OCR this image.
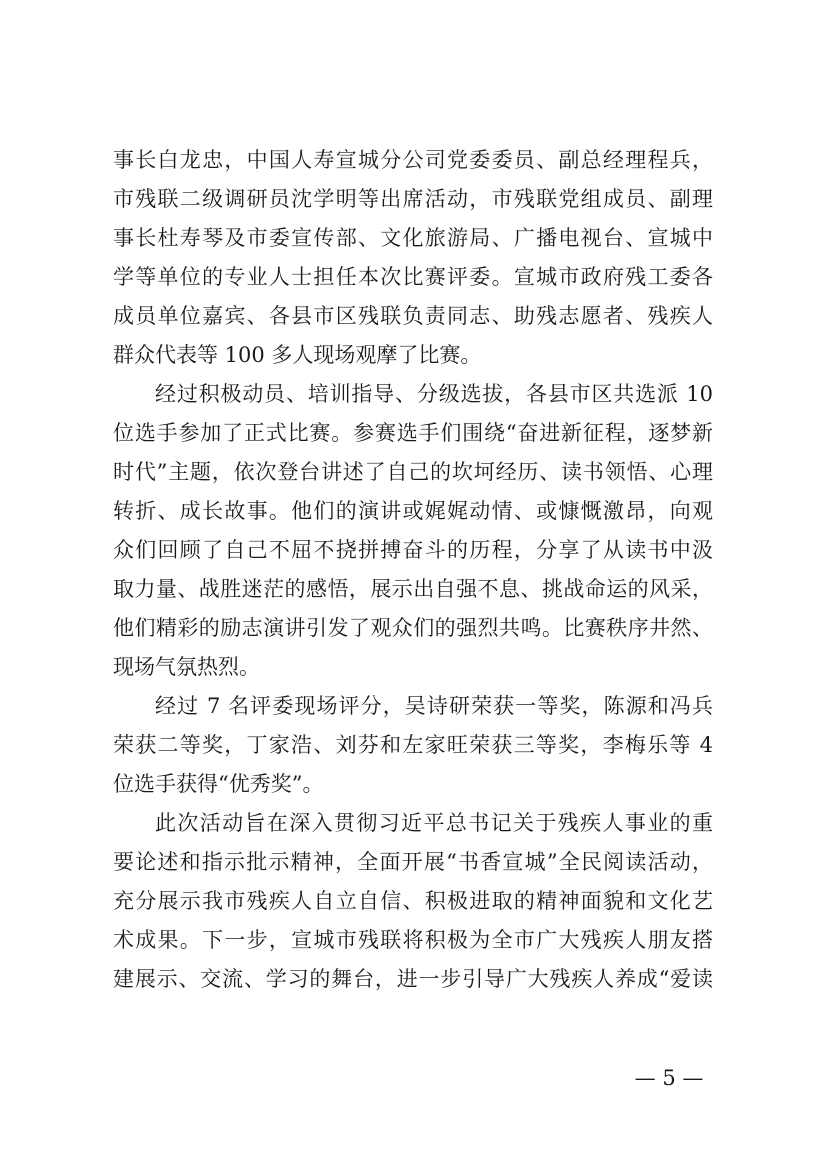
事长白龙忠，中国人寿宣城分公司党委委员、副总经理程兵，
市残联二级调研员沈学明等出席活动，市残联党组成员、副理
事长杜寿琴及市委宣传部、文化旅游局、广播电视台、宣城中
学等单位的专业人士担任本次比赛评委。宣城市政府残工委各
成员单位嘉宾、各县市区残联负责同志、助残志愿者、残疾人
群众代表等 100 多人现场观摩了比赛。
经过积极动员、培训指导、分级选拔，各县市区共选派 10
位选手参加了正式比赛。参赛选手们围绕“奋进新征程，逐梦新
时代”主题，依次登台讲述了自己的坎坷经历、读书领悟、心理
转折、成长故事。他们的演讲或娓娓动情、或慷慨激昂，向观
众们回顾了自己不屈不挠拼搏奋斗的历程，分享了从读书中汲
取力量、战胜迷茫的感悟，展示出自强不息、挑战命运的风采，
他们精彩的励志演讲引发了观众们的强烈共鸣。比赛秩序井然、
现场气氛热烈。
经过 7 名评委现场评分，吴诗研荣获一等奖，陈源和冯兵
荣获二等奖，丁家浩、刘芬和左家旺荣获三等奖，李梅乐等 4
位选手获得“优秀奖”。
此次活动旨在深入贯彻习近平总书记关于残疾人事业的重
要论述和指示批示精神，全面开展“书香宣城”全民阅读活动，
充分展示我市残疾人自立自信、积极进取的精神面貌和文化艺
术成果。下一步，宣城市残联将积极为全市广大残疾人朋友搭
建展示、交流、学习的舞台，进一步引导广大残疾人养成“爱读
— 5 —
